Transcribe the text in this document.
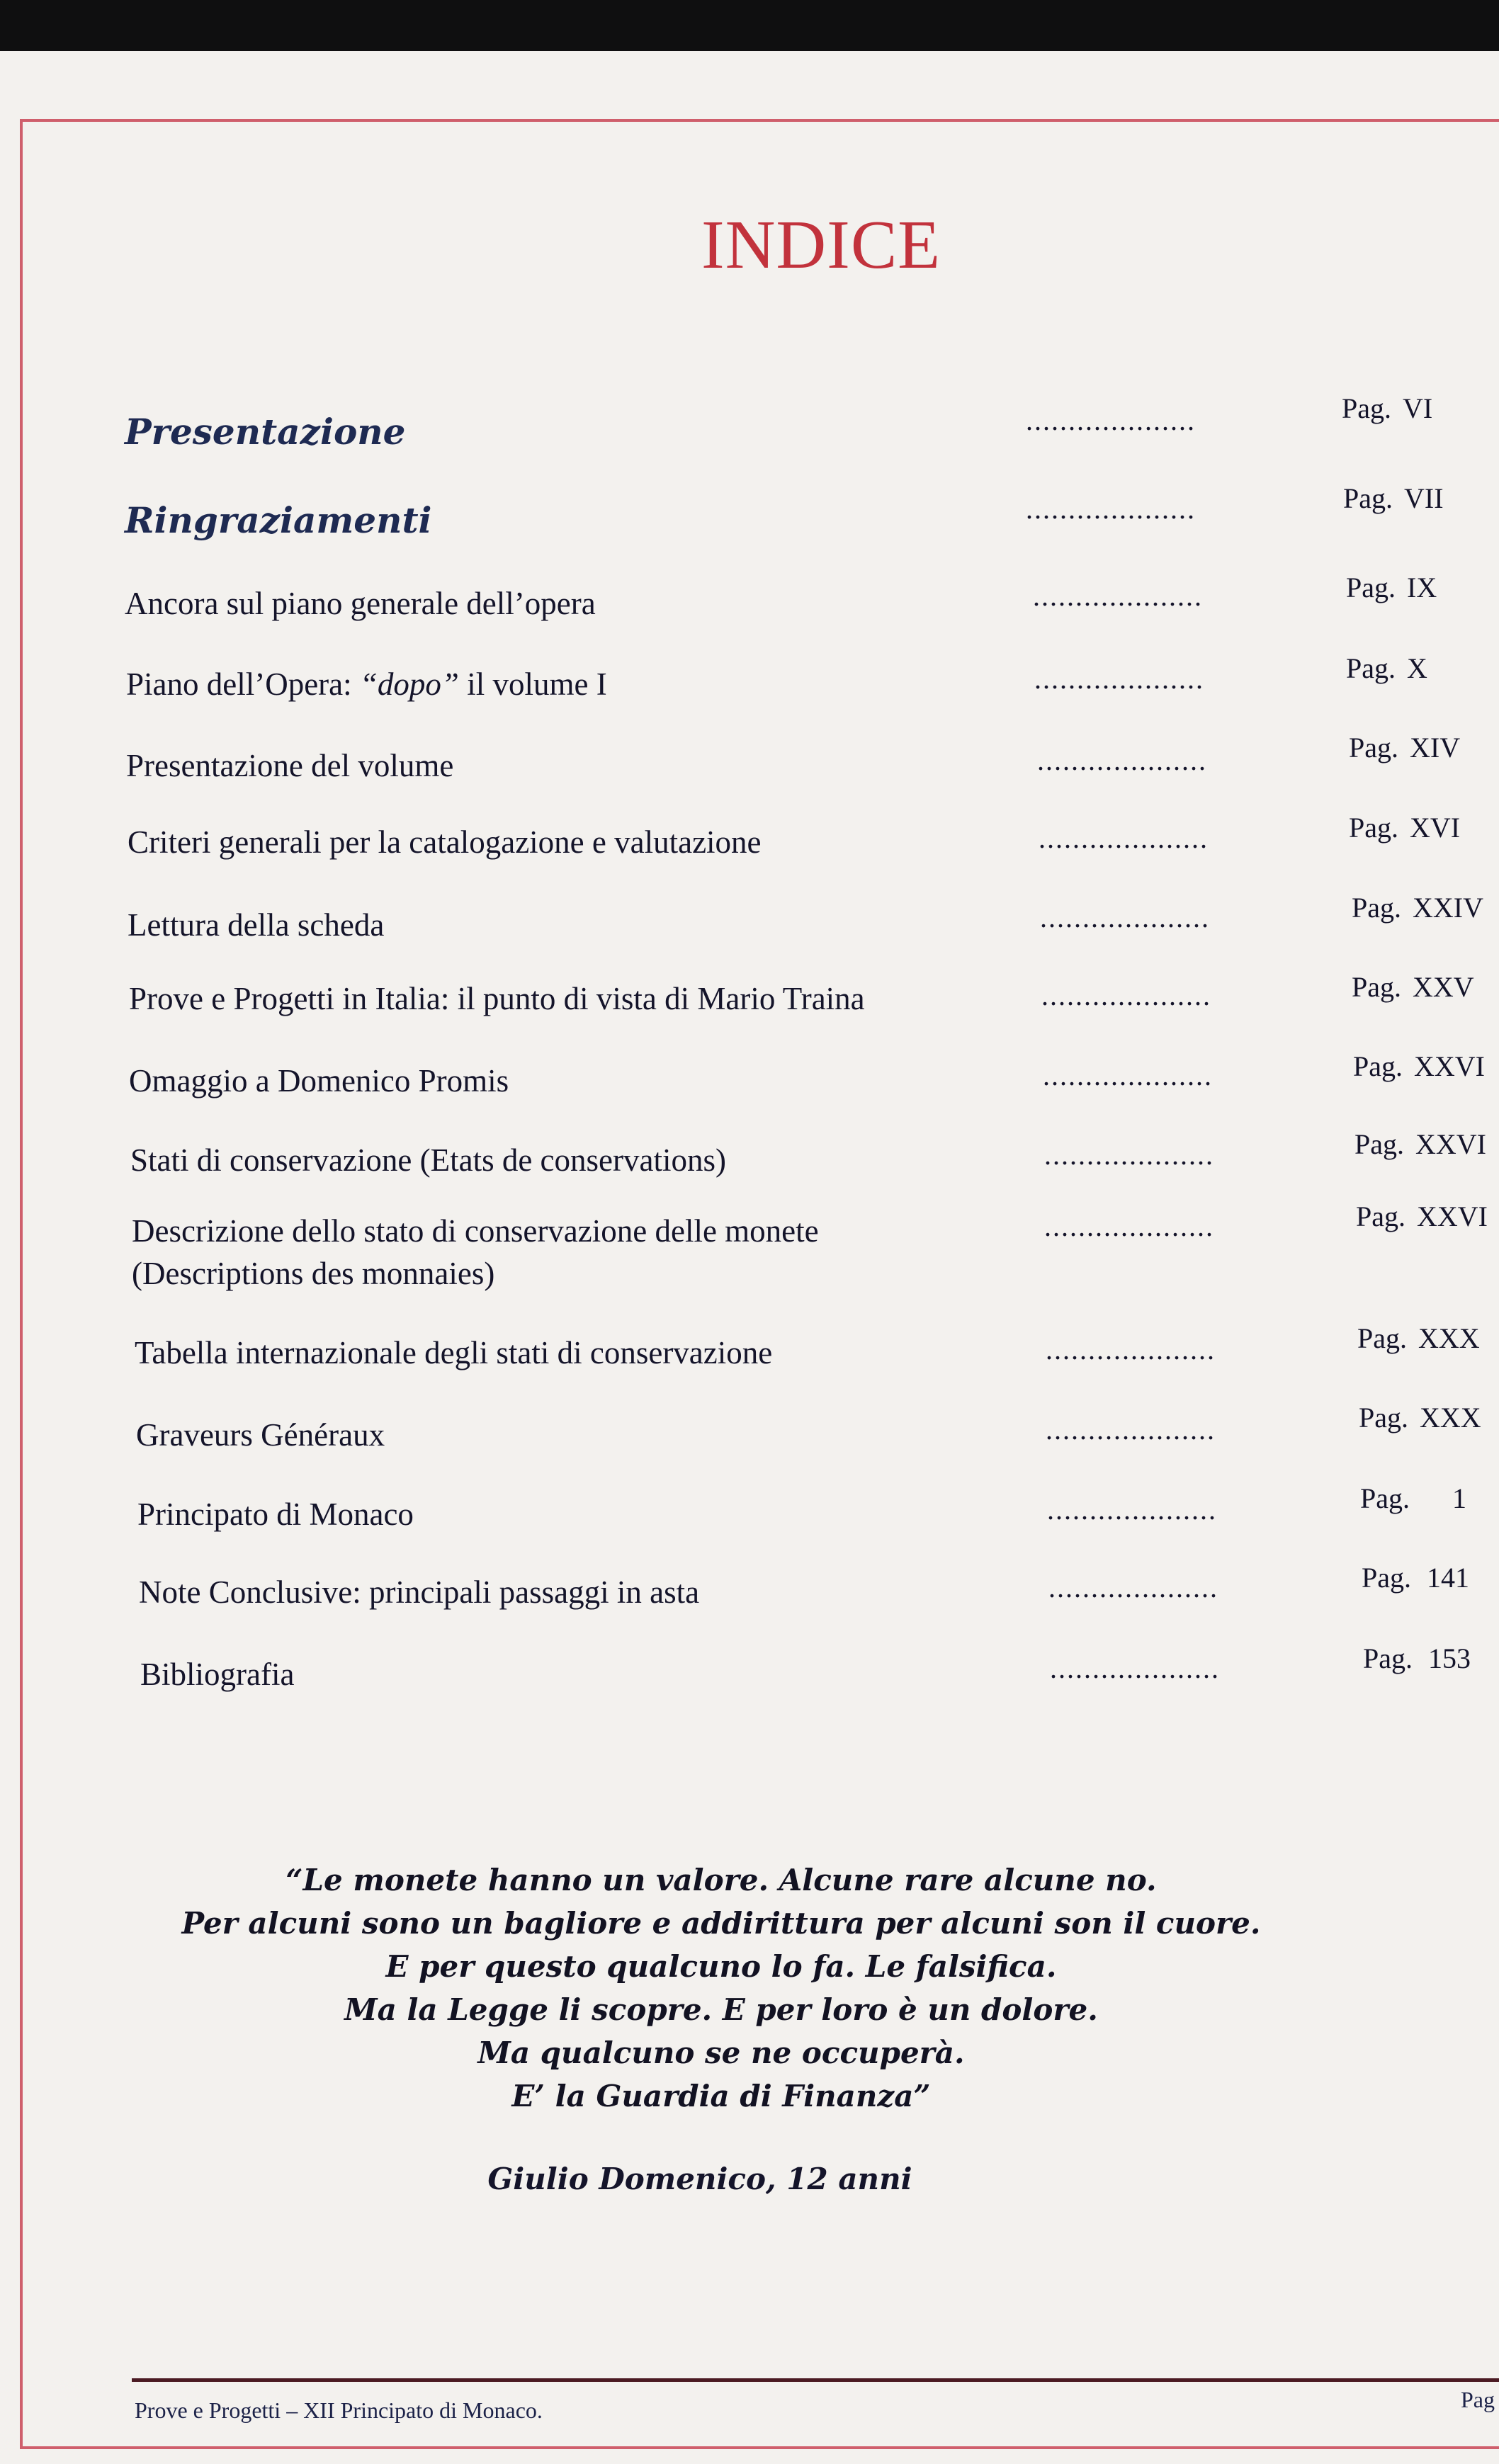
INDICE
Presentazione	....................	Pag. VI
Ringraziamenti	....................	Pag. VII
Ancora sul piano generale dell’opera	....................	Pag. IX
Piano dell’Opera: “dopo” il volume I	....................	Pag. X
Presentazione del volume	....................	Pag. XIV
Criteri generali per la catalogazione e valutazione	....................	Pag. XVI
Lettura della scheda	....................	Pag. XXIV
Prove e Progetti in Italia: il punto di vista di Mario Traina	....................	Pag. XXV
Omaggio a Domenico Promis	....................	Pag. XXVI
Stati di conservazione (Etats de conservations)	....................	Pag. XXVI
Descrizione dello stato di conservazione delle monete
(Descriptions des monnaies)
....................	Pag. XXVI
Tabella internazionale degli stati di conservazione	....................	Pag. XXX
Graveurs Généraux	....................	Pag. XXX
Principato di Monaco	....................	Pag. 1
Note Conclusive: principali passaggi in asta	....................	Pag. 141
Bibliografia	....................	Pag. 153
“Le monete hanno un valore. Alcune rare alcune no.
Per alcuni sono un bagliore e addirittura per alcuni son il cuore.
E per questo qualcuno lo fa. Le falsifica.
Ma la Legge li scopre. E per loro è un dolore.
Ma qualcuno se ne occuperà.
E’ la Guardia di Finanza”
Giulio Domenico, 12 anni
Prove e Progetti – XII Principato di Monaco.	Pag
